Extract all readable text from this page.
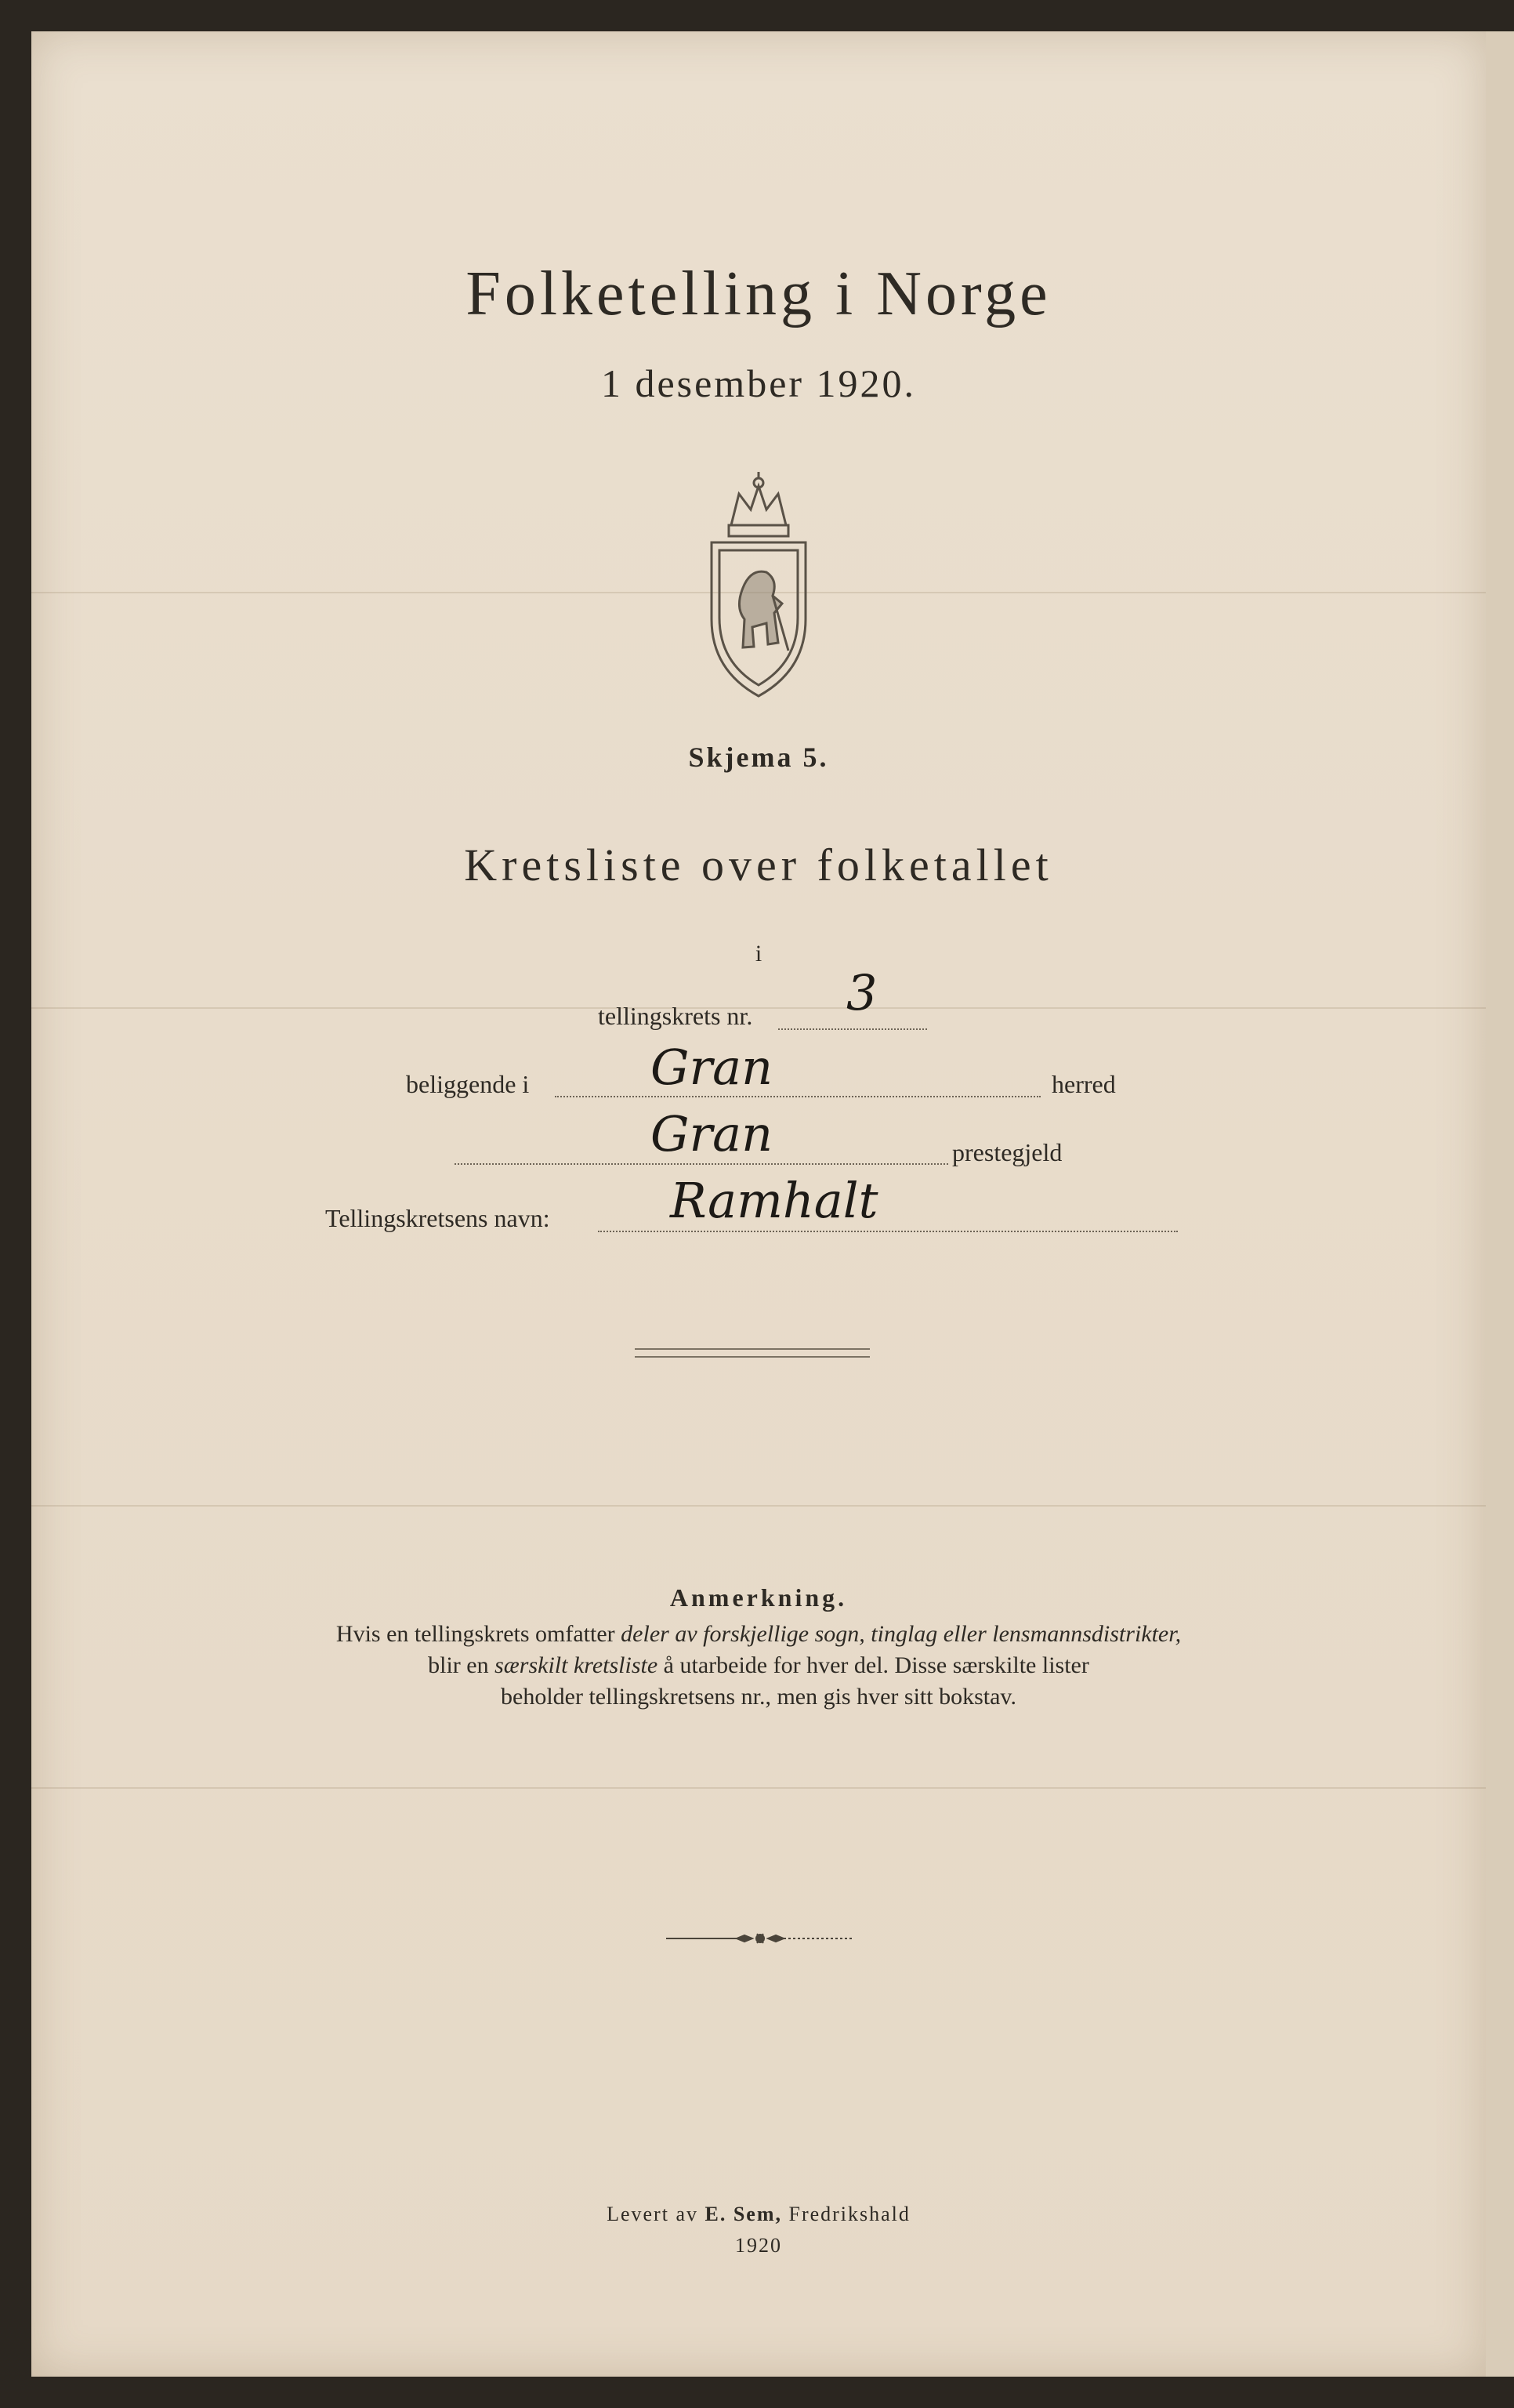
Folketelling i Norge
1 desember 1920.
Skjema 5.
Kretsliste over folketallet
i
tellingskrets nr. 3
beliggende i Gran	herred
Gran	prestegjeld
Tellingskretsens navn: Ramhalt
Anmerkning.
Hvis en tellingskrets omfatter deler av forskjellige sogn, tinglag eller lensmannsdistrikter,
blir en særskilt kretsliste å utarbeide for hver del. Disse særskilte lister
beholder tellingskretsens nr., men gis hver sitt bokstav.
Levert av E. Sem, Fredrikshald
1920
